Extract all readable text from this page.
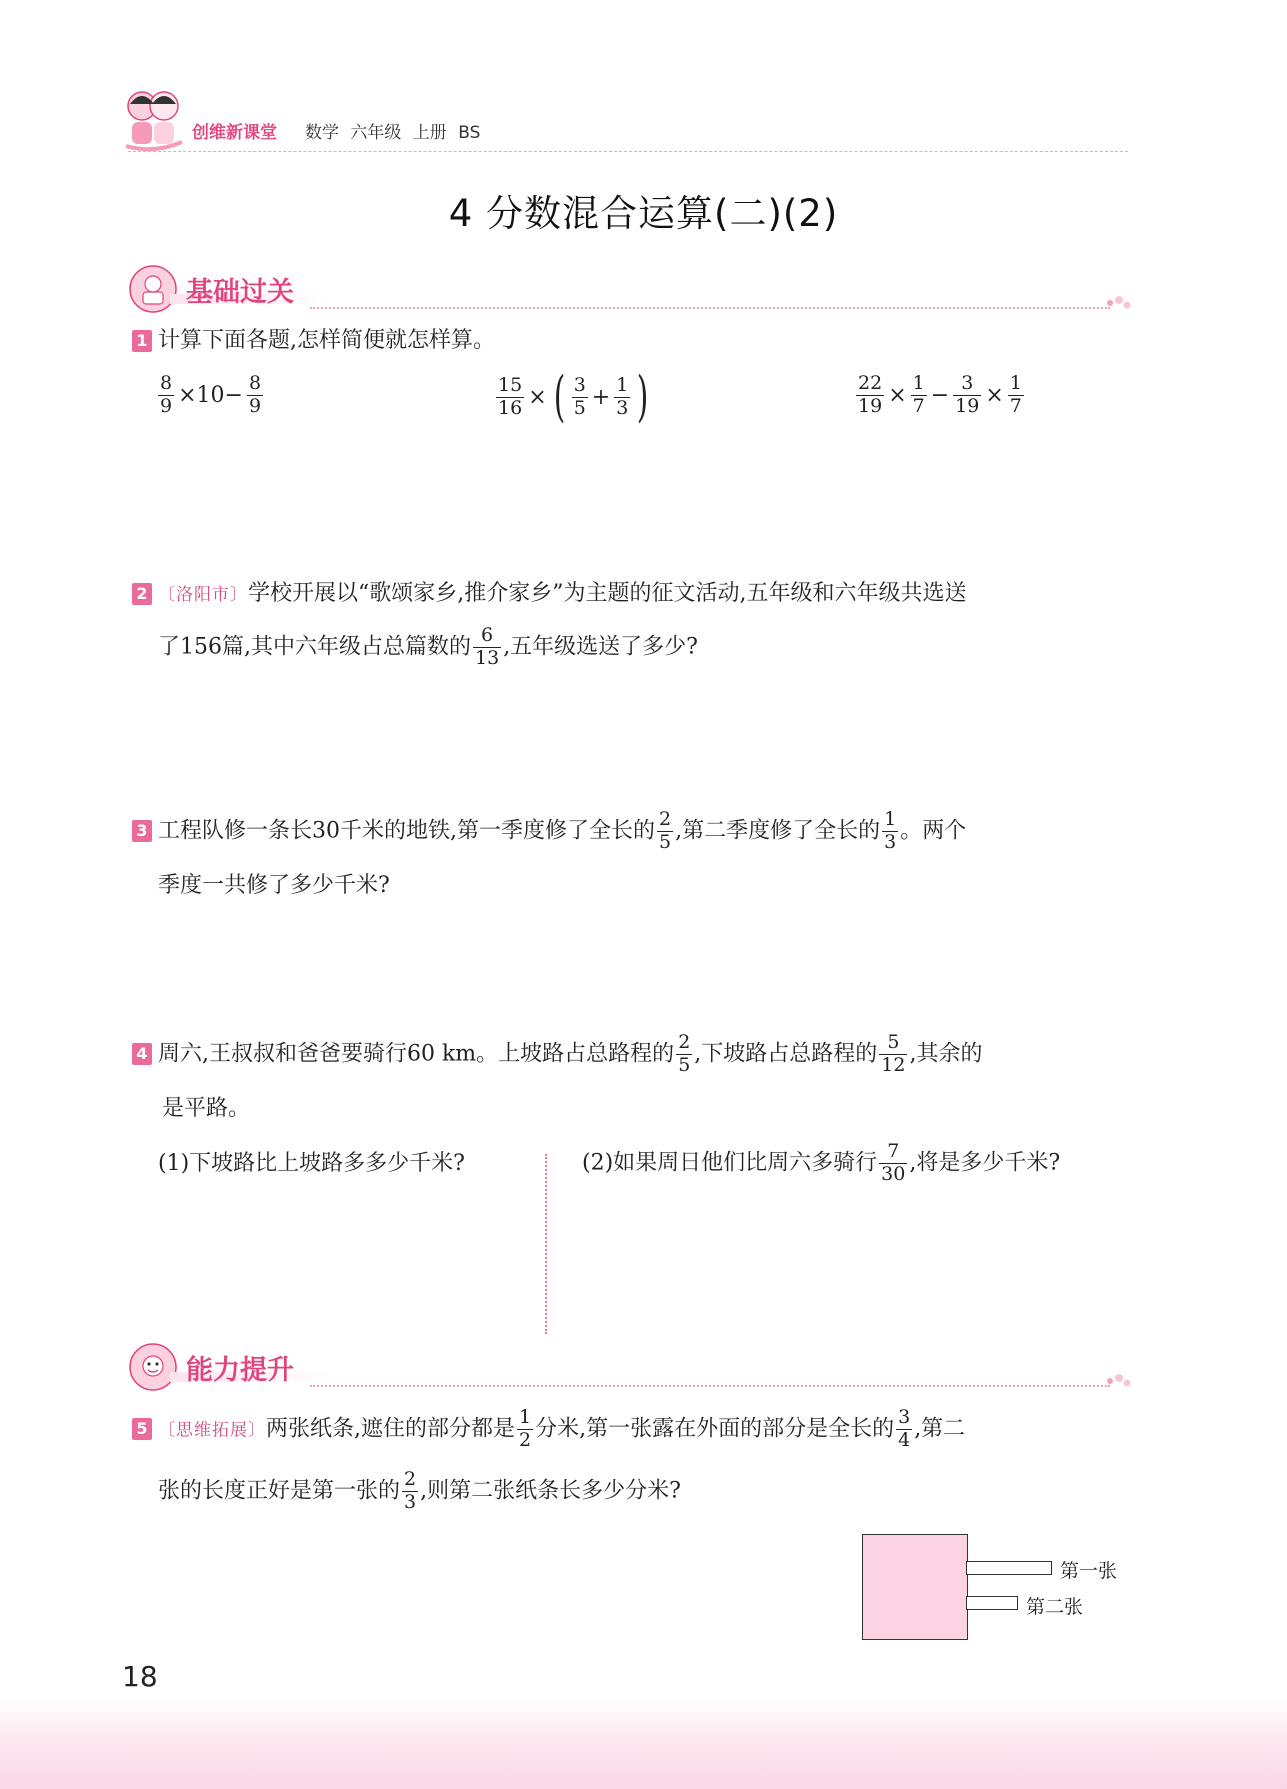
创维新课堂 数学 六年级 上册 BS
4 分数混合运算(二)(2)
基础过关
1 计算下面各题,怎样简便就怎样算。
$\frac{8}{9} \times 10- \frac{8}{9}$	$\frac{15}{16}$ × ( $\frac{3}{5} + \frac{1}{3}$ )	$\frac{22}{19} \times \frac{1}{7} - \frac{3}{19} \times \frac{1}{7}$
2 〔洛阳市〕学校开展以“歌颂家乡,推介家乡”为主题的征文活动,五年级和六年级共选送
了156篇,其中六年级占总篇数的 $\frac{6}{13}$ ,五年级选送了多少?
3 工程队修一条长30千米的地铁,第一季度修了全长的 $\frac{2}{5}$ ,第二季度修了全长的 $\frac{1}{3}$ 。两个
季度一共修了多少千米?
4 周六,王叔叔和爸爸要骑行60 km。上坡路占总路程的 $\frac{2}{5}$ ,下坡路占总路程的 $\frac{5}{12}$ ,其余的
是平路。
(1)下坡路比上坡路多多少千米?	(2)如果周日他们比周六多骑行 $\frac{7}{30}$ ,将是多少千米?
能力提升
5 〔思维拓展〕两张纸条,遮住的部分都是 $\frac{1}{2}$ 分米,第一张露在外面的部分是全长的 $\frac{3}{4}$ ,第二
张的长度正好是第一张的 $\frac{2}{3}$ ,则第二张纸条长多少分米?
第一张
第二张
18
